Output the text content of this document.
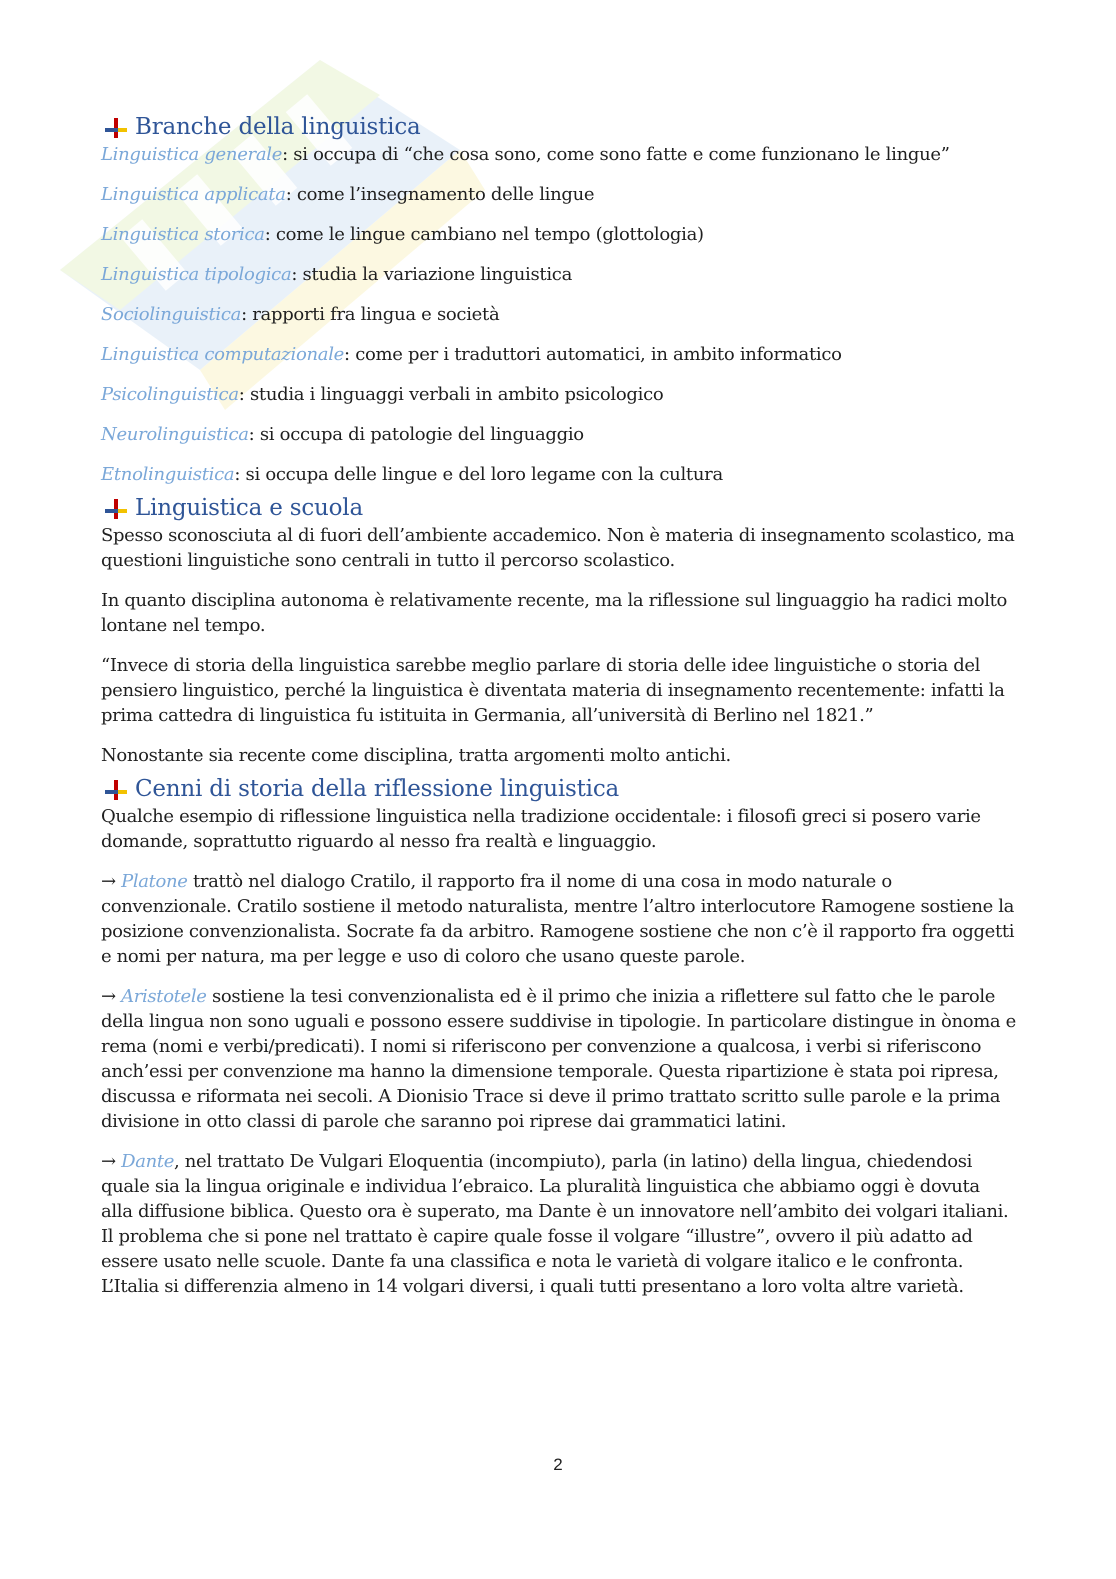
Branche della linguistica
Linguistica generale: si occupa di “che cosa sono, come sono fatte e come funzionano le lingue”
Linguistica applicata: come l’insegnamento delle lingue
Linguistica storica: come le lingue cambiano nel tempo (glottologia)
Linguistica tipologica: studia la variazione linguistica
Sociolinguistica: rapporti fra lingua e società
Linguistica computazionale: come per i traduttori automatici, in ambito informatico
Psicolinguistica: studia i linguaggi verbali in ambito psicologico
Neurolinguistica: si occupa di patologie del linguaggio
Etnolinguistica: si occupa delle lingue e del loro legame con la cultura
Linguistica e scuola

Spesso sconosciuta al di fuori dell’ambiente accademico. Non è materia di insegnamento scolastico, ma questioni linguistiche sono centrali in tutto il percorso scolastico.

In quanto disciplina autonoma è relativamente recente, ma la riflessione sul linguaggio ha radici molto lontane nel tempo.

“Invece di storia della linguistica sarebbe meglio parlare di storia delle idee linguistiche o storia del pensiero linguistico, perché la linguistica è diventata materia di insegnamento recentemente: infatti la prima cattedra di linguistica fu istituita in Germania, all’università di Berlino nel 1821.”

Nonostante sia recente come disciplina, tratta argomenti molto antichi.

Cenni di storia della riflessione linguistica

Qualche esempio di riflessione linguistica nella tradizione occidentale: i filosofi greci si posero varie domande, soprattutto riguardo al nesso fra realtà e linguaggio.

→ Platone trattò nel dialogo Cratilo, il rapporto fra il nome di una cosa in modo naturale o convenzionale. Cratilo sostiene il metodo naturalista, mentre l’altro interlocutore Ramogene sostiene la posizione convenzionalista. Socrate fa da arbitro. Ramogene sostiene che non c’è il rapporto fra oggetti e nomi per natura, ma per legge e uso di coloro che usano queste parole.

→ Aristotele sostiene la tesi convenzionalista ed è il primo che inizia a riflettere sul fatto che le parole della lingua non sono uguali e possono essere suddivise in tipologie. In particolare distingue in ònoma e rema (nomi e verbi/predicati). I nomi si riferiscono per convenzione a qualcosa, i verbi si riferiscono anch’essi per convenzione ma hanno la dimensione temporale. Questa ripartizione è stata poi ripresa, discussa e riformata nei secoli. A Dionisio Trace si deve il primo trattato scritto sulle parole e la prima divisione in otto classi di parole che saranno poi riprese dai grammatici latini.

→ Dante, nel trattato De Vulgari Eloquentia (incompiuto), parla (in latino) della lingua, chiedendosi quale sia la lingua originale e individua l’ebraico. La pluralità linguistica che abbiamo oggi è dovuta alla diffusione biblica. Questo ora è superato, ma Dante è un innovatore nell’ambito dei volgari italiani. Il problema che si pone nel trattato è capire quale fosse il volgare “illustre”, ovvero il più adatto ad essere usato nelle scuole. Dante fa una classifica e nota le varietà di volgare italico e le confronta. L’Italia si differenzia almeno in 14 volgari diversi, i quali tutti presentano a loro volta altre varietà.

2
